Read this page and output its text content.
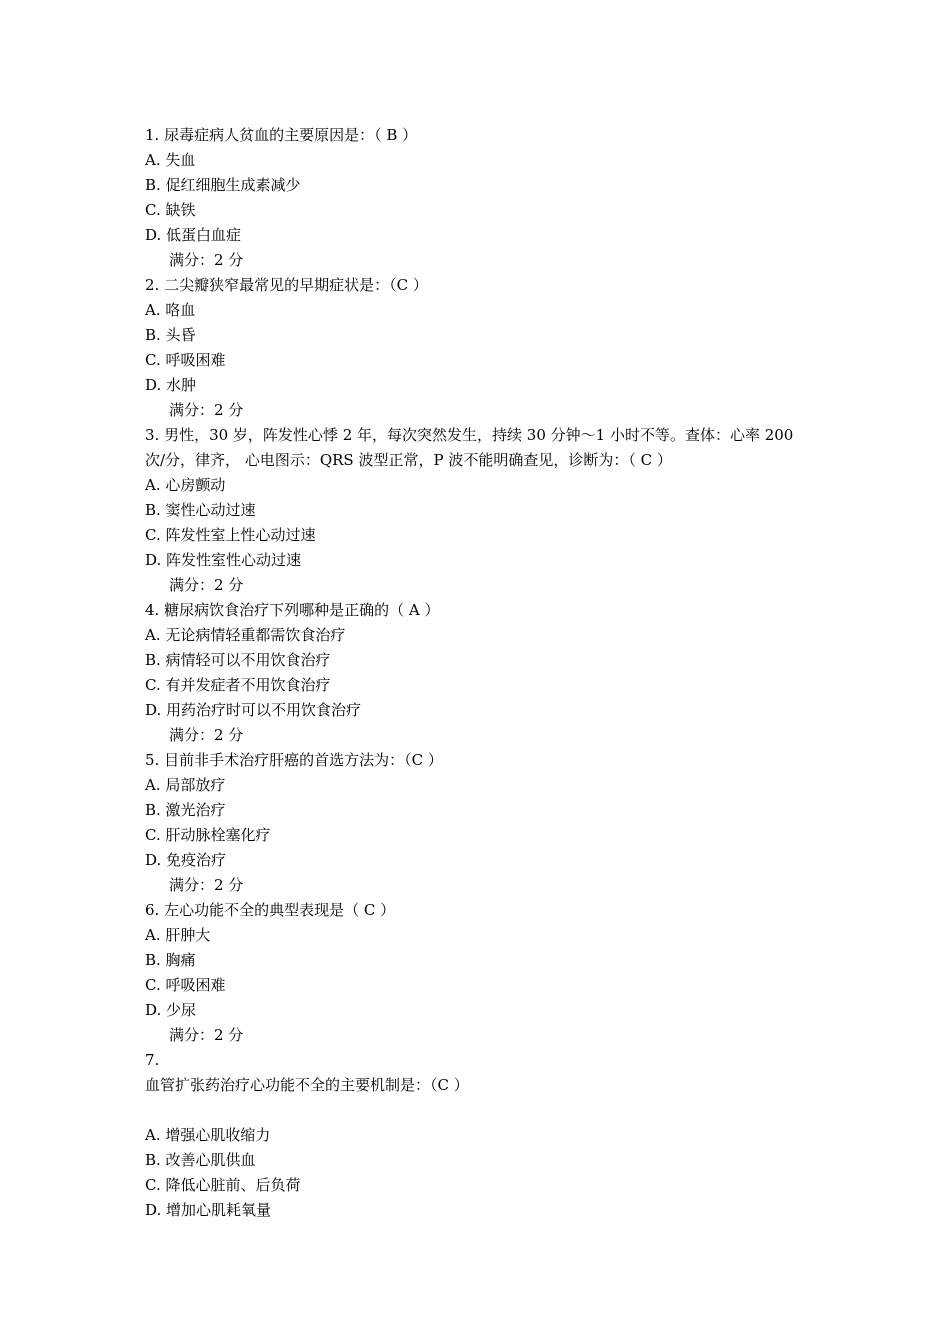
1. 尿毒症病人贫血的主要原因是：（ B ）
A. 失血
B. 促红细胞生成素减少
C. 缺铁
D. 低蛋白血症
满分：2 分
2. 二尖瓣狭窄最常见的早期症状是：（C ）
A. 咯血
B. 头昏
C. 呼吸困难
D. 水肿
满分：2 分
3. 男性，30 岁，阵发性心悸 2 年，每次突然发生，持续 30 分钟～1 小时不等。查体：心率 200 次/分，律齐， 心电图示：QRS 波型正常，P 波不能明确查见，诊断为：（ C ）
A. 心房颤动
B. 窦性心动过速
C. 阵发性室上性心动过速
D. 阵发性室性心动过速
满分：2 分
4. 糖尿病饮食治疗下列哪种是正确的（ A ）
A. 无论病情轻重都需饮食治疗
B. 病情轻可以不用饮食治疗
C. 有并发症者不用饮食治疗
D. 用药治疗时可以不用饮食治疗
满分：2 分
5. 目前非手术治疗肝癌的首选方法为：（C ）
A. 局部放疗
B. 激光治疗
C. 肝动脉栓塞化疗
D. 免疫治疗
满分：2 分
6. 左心功能不全的典型表现是（ C ）
A. 肝肿大
B. 胸痛
C. 呼吸困难
D. 少尿
满分：2 分
7.
血管扩张药治疗心功能不全的主要机制是：（C ）
A. 增强心肌收缩力
B. 改善心肌供血
C. 降低心脏前、后负荷
D. 增加心肌耗氧量
